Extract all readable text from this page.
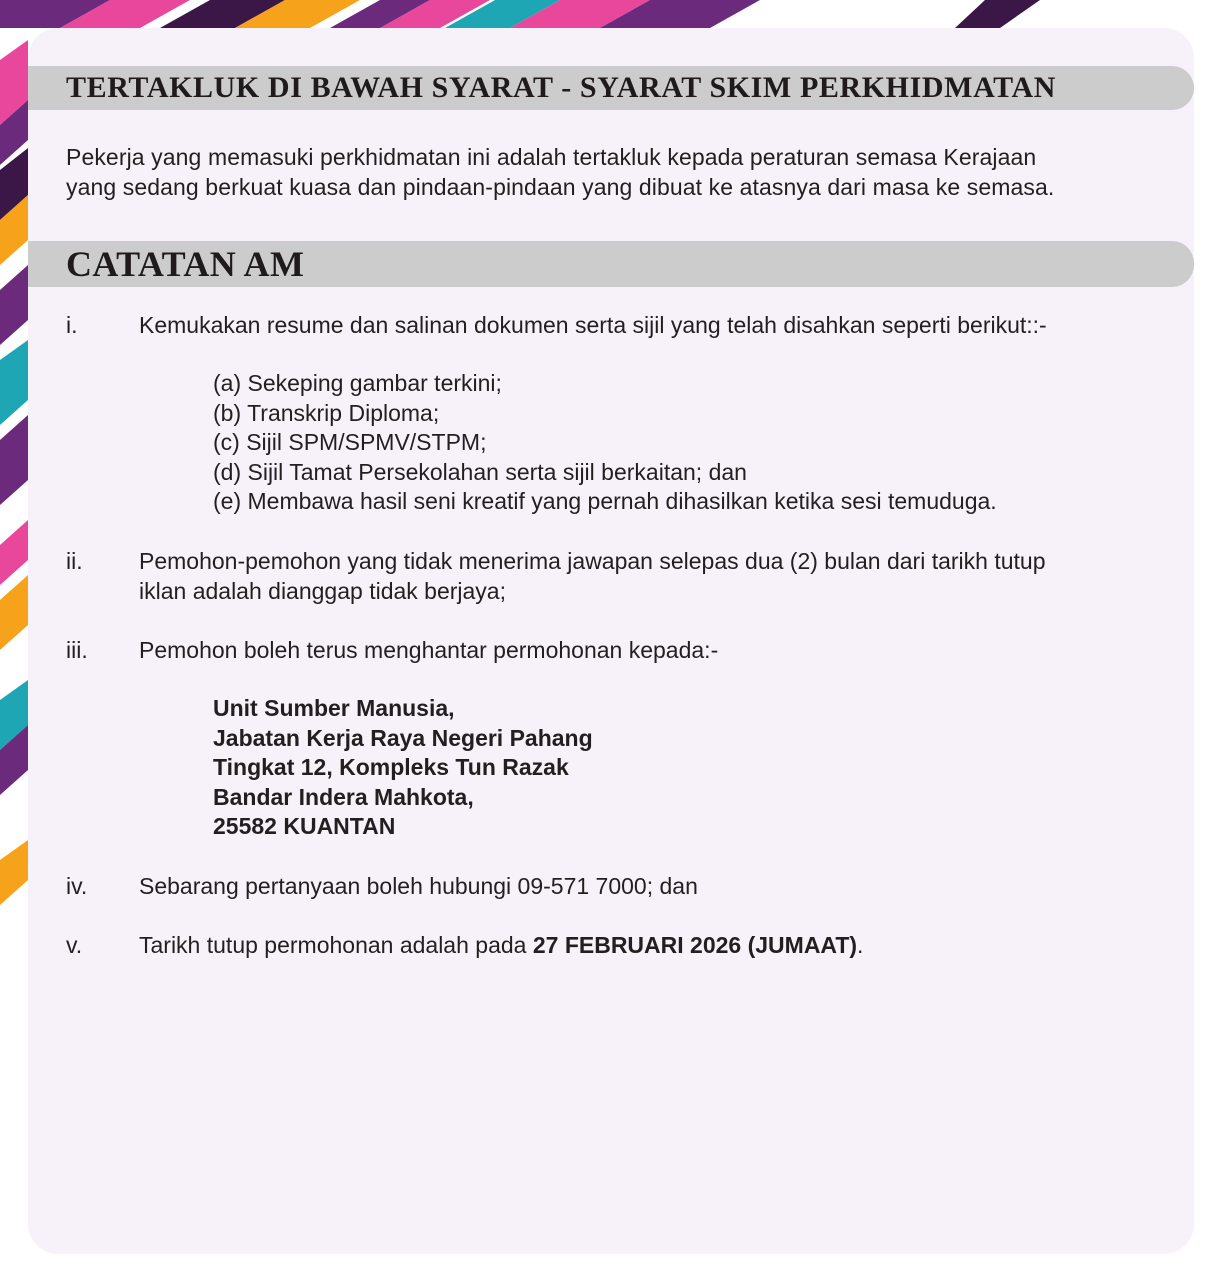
TERTAKLUK DI BAWAH SYARAT - SYARAT SKIM PERKHIDMATAN
Pekerja yang memasuki perkhidmatan ini adalah tertakluk kepada peraturan semasa Kerajaan
yang sedang berkuat kuasa dan pindaan-pindaan yang dibuat ke atasnya dari masa ke semasa.
CATATAN AM
i.	Kemukakan resume dan salinan dokumen serta sijil yang telah disahkan seperti berikut::-
(a) Sekeping gambar terkini;
(b) Transkrip Diploma;
(c) Sijil SPM/SPMV/STPM;
(d) Sijil Tamat Persekolahan serta sijil berkaitan; dan
(e) Membawa hasil seni kreatif yang pernah dihasilkan ketika sesi temuduga.
ii. Pemohon-pemohon yang tidak menerima jawapan selepas dua (2) bulan dari tarikh tutup
iklan adalah dianggap tidak berjaya;
iii. Pemohon boleh terus menghantar permohonan kepada:-
Unit Sumber Manusia,
Jabatan Kerja Raya Negeri Pahang
Tingkat 12, Kompleks Tun Razak
Bandar Indera Mahkota,
25582 KUANTAN
iv. Sebarang pertanyaan boleh hubungi 09-571 7000; dan
v. Tarikh tutup permohonan adalah pada 27 FEBRUARI 2026 (JUMAAT).
